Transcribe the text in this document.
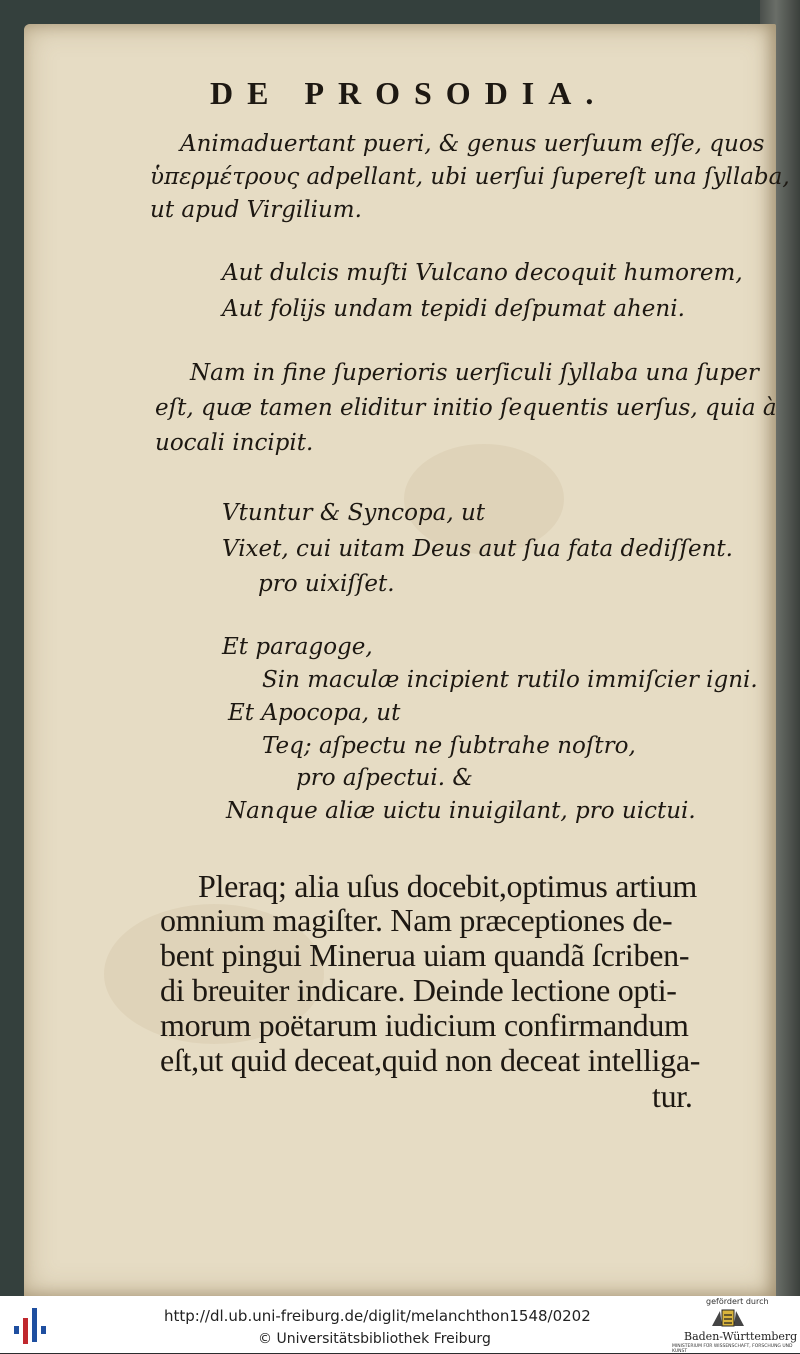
DE PROSODIA.
Animaduertant pueri, & genus uerſuum eſſe, quos
ὑπερμέτρους adpellant, ubi uerſui ſupereſt una ſyllaba,
ut apud Virgilium.
Aut dulcis muſti Vulcano decoquit humorem,
Aut folijs undam tepidi deſpumat aheni.
Nam in fine ſuperioris uerſiculi ſyllaba una ſuper
eſt, quæ tamen eliditur initio ſequentis uerſus, quia à
uocali incipit.
Vtuntur & Syncopa, ut
Vixet, cui uitam Deus aut ſua fata dediſſent.
pro uixiſſet.
Et paragoge,
Sin maculæ incipient rutilo immiſcier igni.
Et Apocopa, ut
Teq; aſpectu ne ſubtrahe noſtro,
pro aſpectui. &
Nanque aliæ uictu inuigilant, pro uictui.
Pleraq; alia uſus docebit,optimus artium
omnium magiſter. Nam præceptiones de-
bent pingui Minerua uiam quandã ſcriben-
di breuiter indicare. Deinde lectione opti-
morum poëtarum iudicium confirmandum
eſt,ut quid deceat,quid non deceat intelliga-
tur.
http://dl.ub.uni-freiburg.de/diglit/melanchthon1548/0202
© Universitätsbibliothek Freiburg
gefördert durch
Baden-Württemberg
MINISTERIUM FÜR WISSENSCHAFT, FORSCHUNG UND KUNST
